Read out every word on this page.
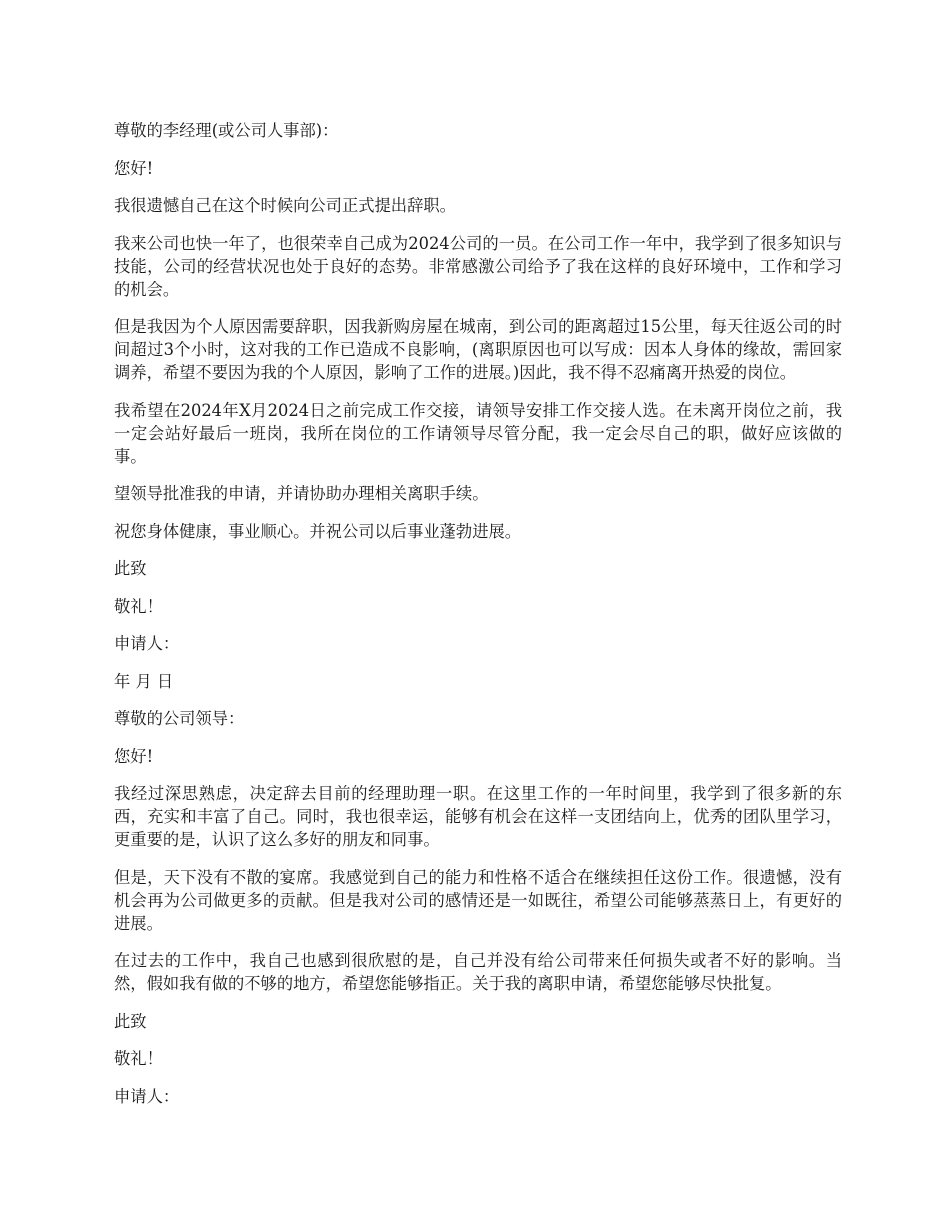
尊敬的李经理(或公司人事部)：

您好!

我很遗憾自己在这个时候向公司正式提出辞职。

我来公司也快一年了，也很荣幸自己成为2024公司的一员。在公司工作一年中，我学到了很多知识与技能，公司的经营状况也处于良好的态势。非常感激公司给予了我在这样的良好环境中，工作和学习的机会。

但是我因为个人原因需要辞职，因我新购房屋在城南，到公司的距离超过15公里，每天往返公司的时间超过3个小时，这对我的工作已造成不良影响，(离职原因也可以写成：因本人身体的缘故，需回家调养，希望不要因为我的个人原因，影响了工作的进展。)因此，我不得不忍痛离开热爱的岗位。

我希望在2024年X月2024日之前完成工作交接，请领导安排工作交接人选。在未离开岗位之前，我一定会站好最后一班岗，我所在岗位的工作请领导尽管分配，我一定会尽自己的职，做好应该做的事。

望领导批准我的申请，并请协助办理相关离职手续。

祝您身体健康，事业顺心。并祝公司以后事业蓬勃进展。

此致

敬礼！

申请人：

年 月 日

尊敬的公司领导：

您好!

我经过深思熟虑，决定辞去目前的经理助理一职。在这里工作的一年时间里，我学到了很多新的东西，充实和丰富了自己。同时，我也很幸运，能够有机会在这样一支团结向上，优秀的团队里学习，更重要的是，认识了这么多好的朋友和同事。

但是，天下没有不散的宴席。我感觉到自己的能力和性格不适合在继续担任这份工作。很遗憾，没有机会再为公司做更多的贡献。但是我对公司的感情还是一如既往，希望公司能够蒸蒸日上，有更好的进展。

在过去的工作中，我自己也感到很欣慰的是，自己并没有给公司带来任何损失或者不好的影响。当然，假如我有做的不够的地方，希望您能够指正。关于我的离职申请，希望您能够尽快批复。

此致

敬礼！

申请人：
